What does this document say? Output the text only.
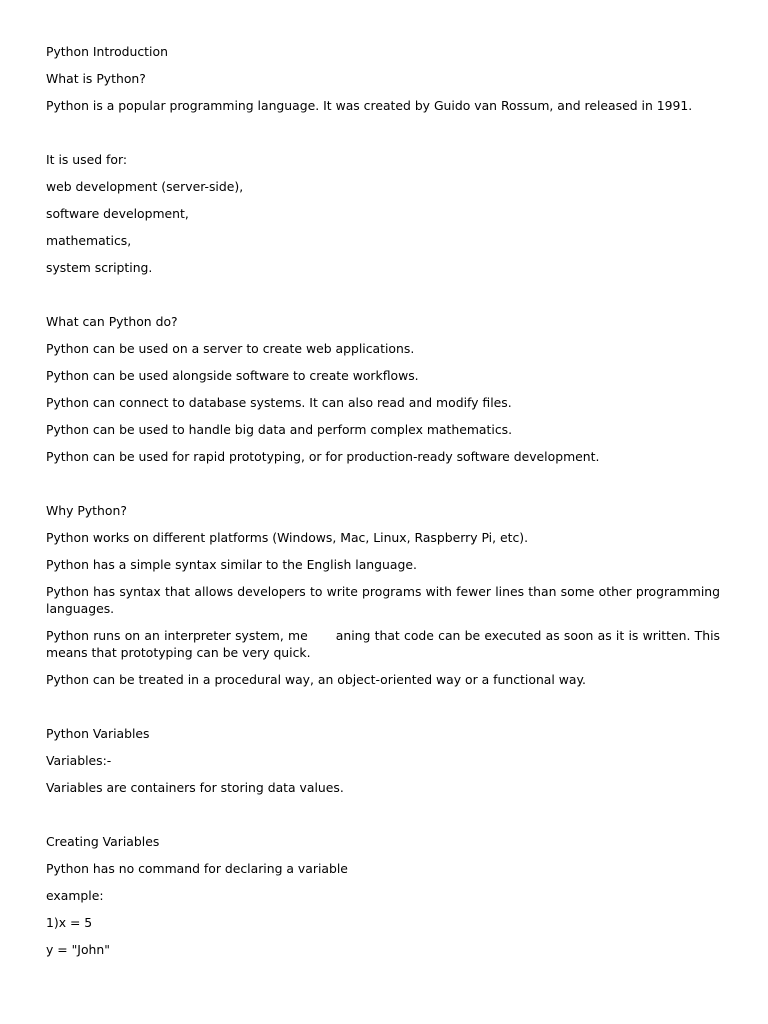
Python Introduction

What is Python?

Python is a popular programming language. It was created by Guido van Rossum, and released in 1991.

It is used for:

web development (server-side),

software development,

mathematics,

system scripting.

What can Python do?

Python can be used on a server to create web applications.

Python can be used alongside software to create workflows.

Python can connect to database systems. It can also read and modify files.

Python can be used to handle big data and perform complex mathematics.

Python can be used for rapid prototyping, or for production-ready software development.

Why Python?

Python works on different platforms (Windows, Mac, Linux, Raspberry Pi, etc).

Python has a simple syntax similar to the English language.

Python has syntax that allows developers to write programs with fewer lines than some other programming languages.

Python runs on an interpreter system, me aning that code can be executed as soon as it is written. This means that prototyping can be very quick.

Python can be treated in a procedural way, an object-oriented way or a functional way.

Python Variables

Variables:-

Variables are containers for storing data values.

Creating Variables

Python has no command for declaring a variable

example:

1)x = 5

y = "John"
